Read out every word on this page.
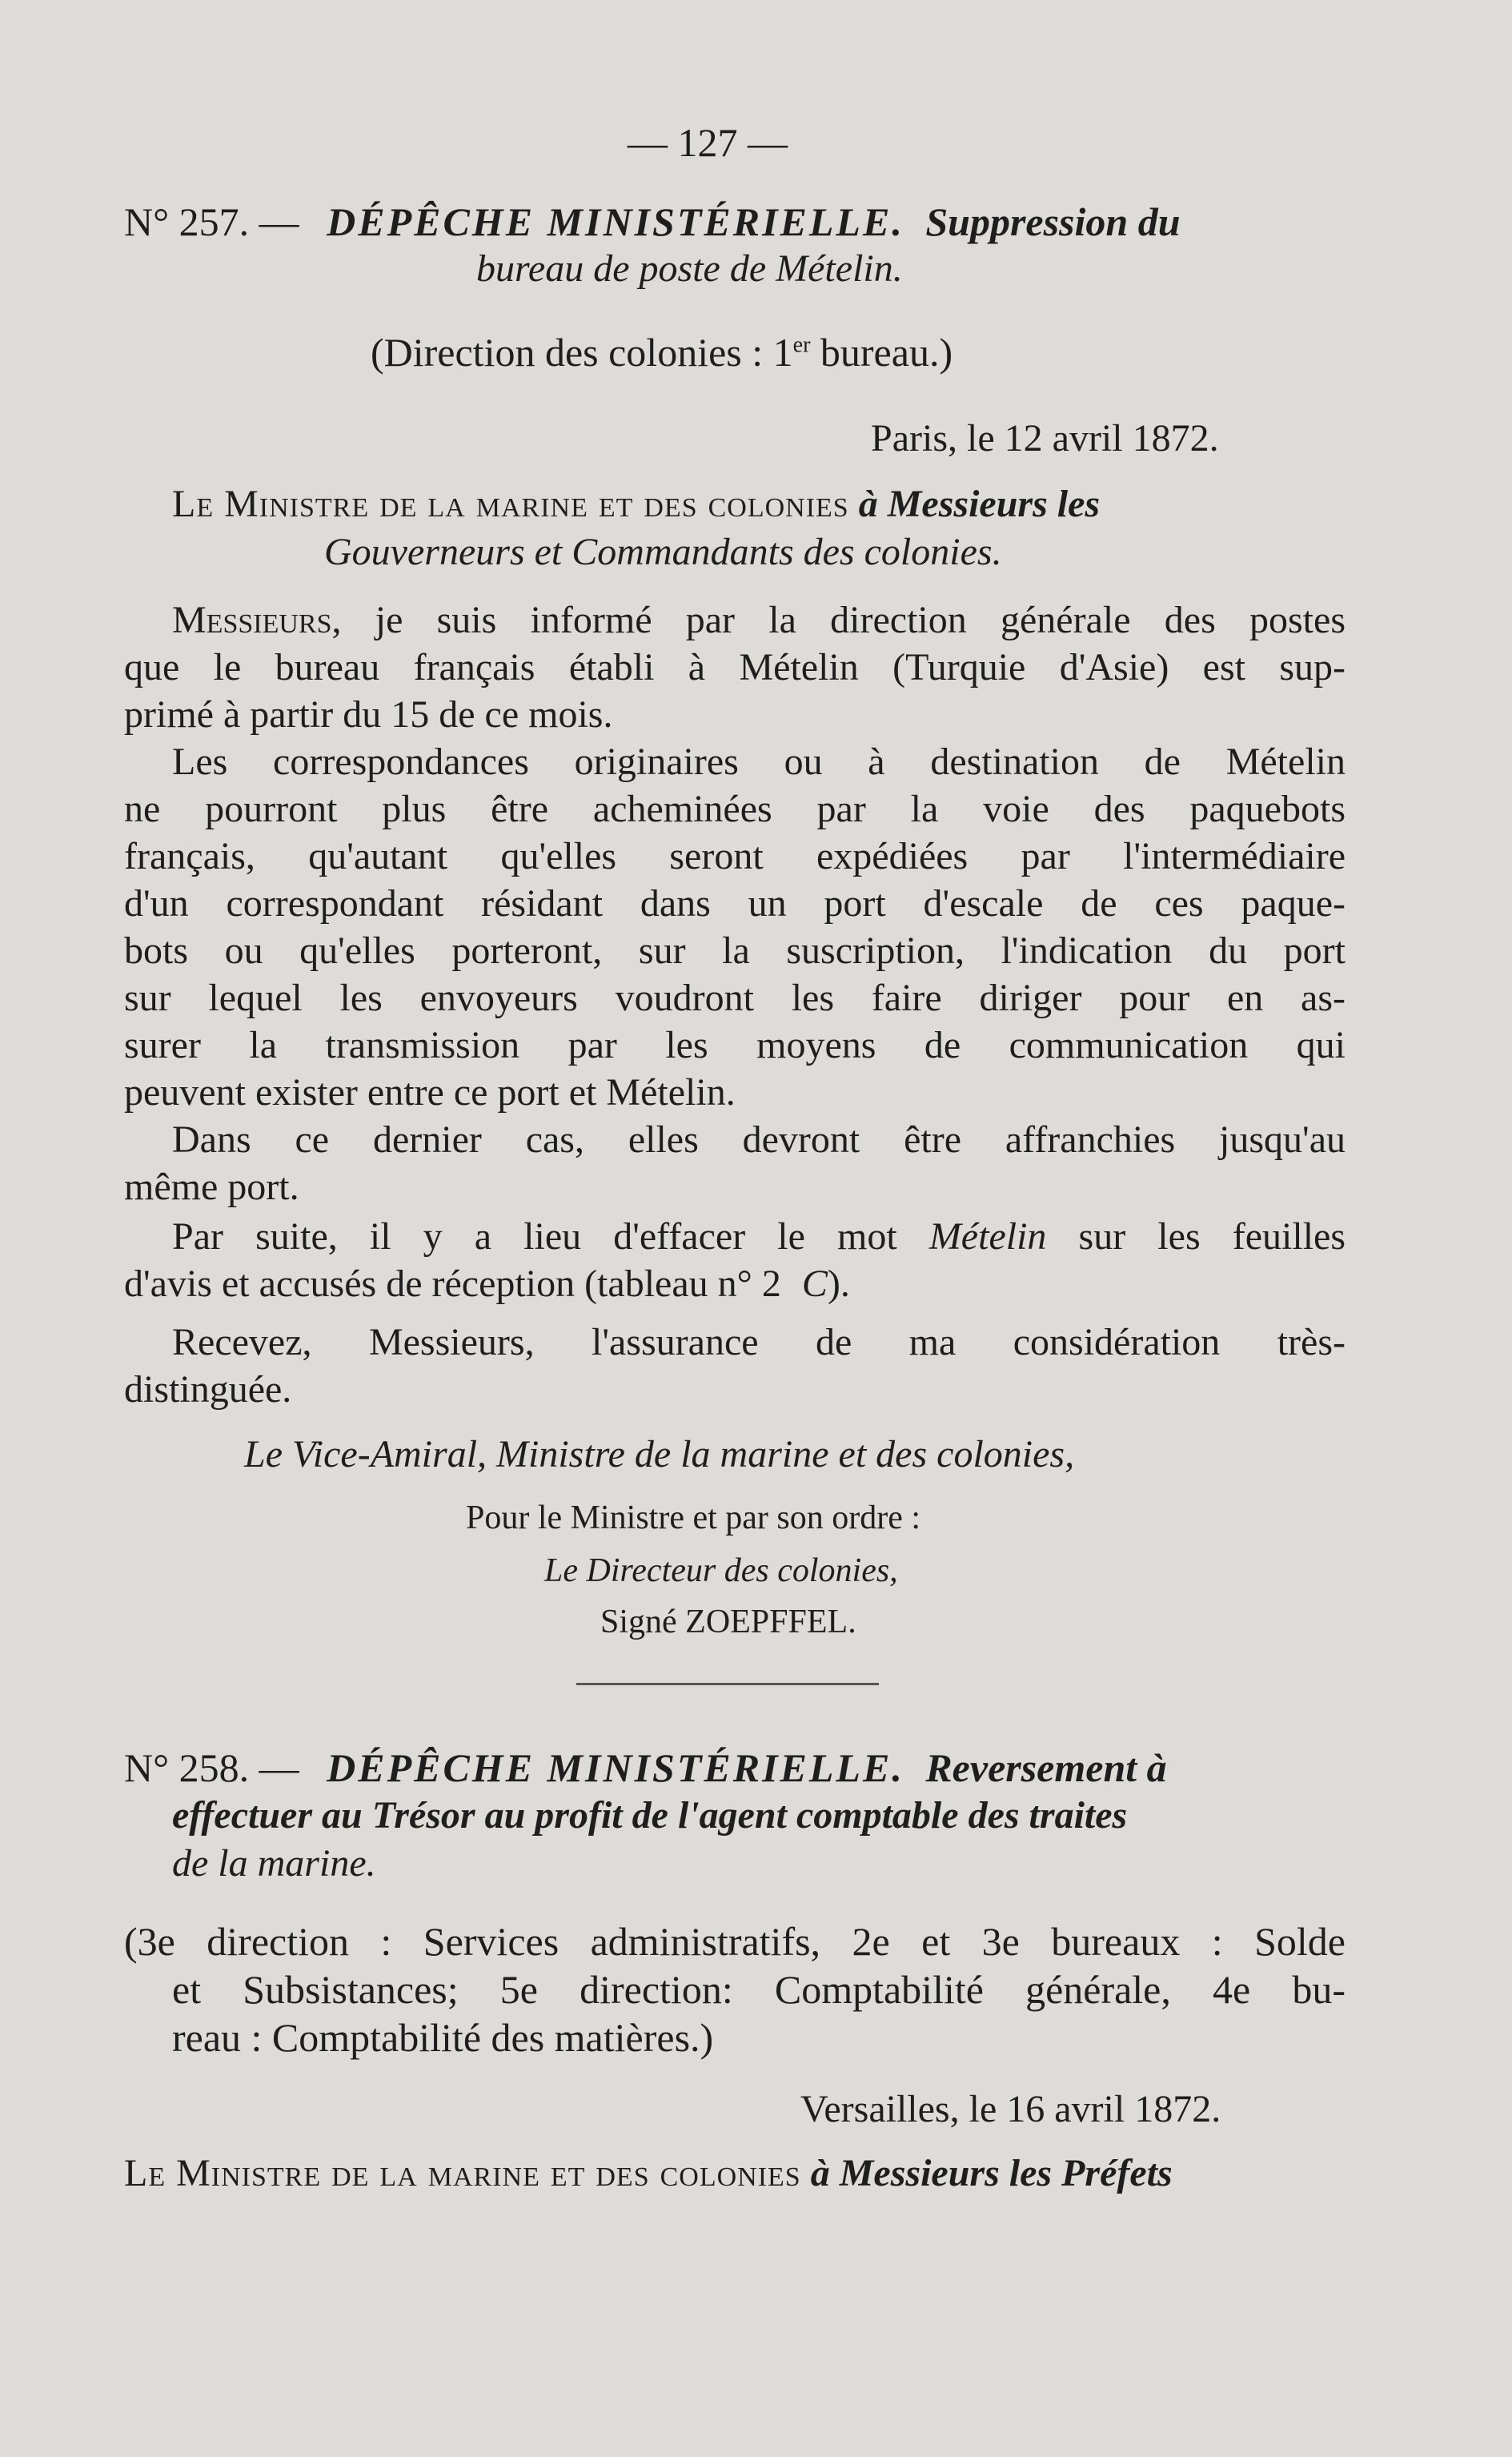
— 127 —
N° 257. — DÉPÊCHE MINISTÉRIELLE. Suppression du
bureau de poste de Mételin.
(Direction des colonies : 1er bureau.)
Paris, le 12 avril 1872.
Le Ministre de la marine et des colonies à Messieurs les
Gouverneurs et Commandants des colonies.
Messieurs, je suis informé par la direction générale des postes
que le bureau français établi à Mételin (Turquie d'Asie) est sup-
primé à partir du 15 de ce mois.
Les correspondances originaires ou à destination de Mételin
ne pourront plus être acheminées par la voie des paquebots
français, qu'autant qu'elles seront expédiées par l'intermédiaire
d'un correspondant résidant dans un port d'escale de ces paque-
bots ou qu'elles porteront, sur la suscription, l'indication du port
sur lequel les envoyeurs voudront les faire diriger pour en as-
surer la transmission par les moyens de communication qui
peuvent exister entre ce port et Mételin.
Dans ce dernier cas, elles devront être affranchies jusqu'au
même port.
Par suite, il y a lieu d'effacer le mot Mételin sur les feuilles
d'avis et accusés de réception (tableau n° 2 C).
Recevez, Messieurs, l'assurance de ma considération très-
distinguée.
Le Vice-Amiral, Ministre de la marine et des colonies,
Pour le Ministre et par son ordre :
Le Directeur des colonies,
Signé ZOEPFFEL.
N° 258. — DÉPÊCHE MINISTÉRIELLE. Reversement à
effectuer au Trésor au profit de l'agent comptable des traites
de la marine.
(3e direction : Services administratifs, 2e et 3e bureaux : Solde
et Subsistances; 5e direction: Comptabilité générale, 4e bu-
reau : Comptabilité des matières.)
Versailles, le 16 avril 1872.
Le Ministre de la marine et des colonies à Messieurs les Préfets
